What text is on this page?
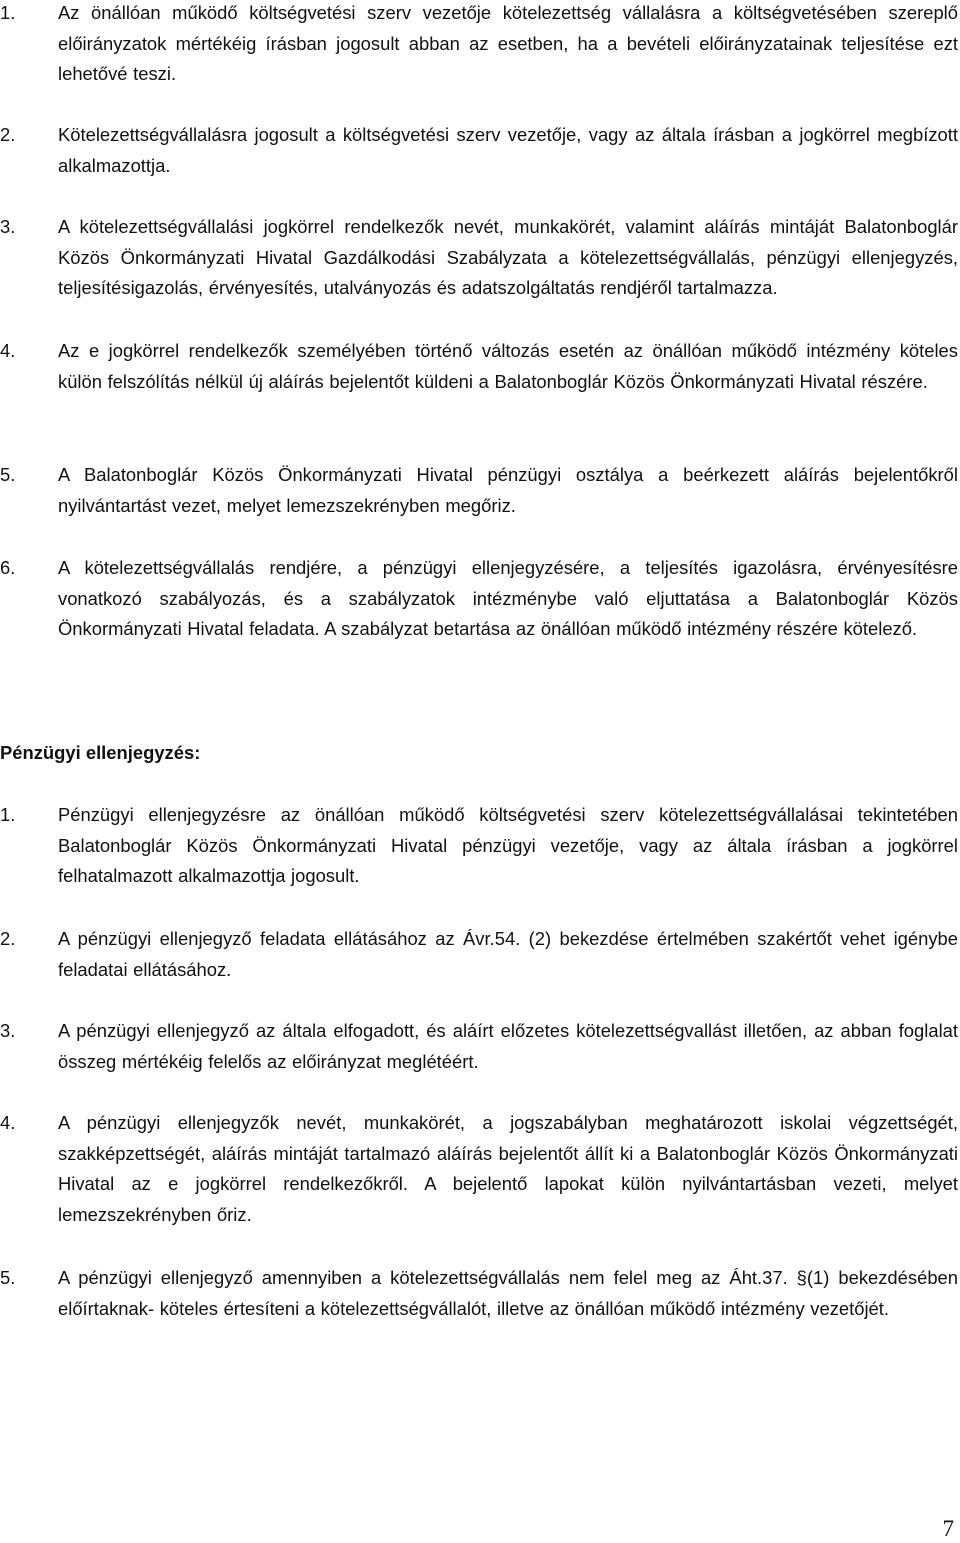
1. Az önállóan működő költségvetési szerv vezetője kötelezettség vállalásra a költségvetésében szereplő előirányzatok mértékéig írásban jogosult abban az esetben, ha a bevételi előirányzatainak teljesítése ezt lehetővé teszi.
2. Kötelezettségvállalásra jogosult a költségvetési szerv vezetője, vagy az általa írásban a jogkörrel megbízott alkalmazottja.
3. A kötelezettségvállalási jogkörrel rendelkezők nevét, munkakörét, valamint aláírás mintáját Balatonboglár Közös Önkormányzati Hivatal Gazdálkodási Szabályzata a kötelezettségvállalás, pénzügyi ellenjegyzés, teljesítésigazolás, érvényesítés, utalványozás és adatszolgáltatás rendjéről tartalmazza.
4. Az e jogkörrel rendelkezők személyében történő változás esetén az önállóan működő intézmény köteles külön felszólítás nélkül új aláírás bejelentőt küldeni a Balatonboglár Közös Önkormányzati Hivatal részére.
5. A Balatonboglár Közös Önkormányzati Hivatal pénzügyi osztálya a beérkezett aláírás bejelentőkről nyilvántartást vezet, melyet lemezszekrényben megőriz.
6. A kötelezettségvállalás rendjére, a pénzügyi ellenjegyzésére, a teljesítés igazolásra, érvényesítésre vonatkozó szabályozás, és a szabályzatok intézménybe való eljuttatása a Balatonboglár Közös Önkormányzati Hivatal feladata. A szabályzat betartása az önállóan működő intézmény részére kötelező.
Pénzügyi ellenjegyzés:
1. Pénzügyi ellenjegyzésre az önállóan működő költségvetési szerv kötelezettségvállalásai tekintetében Balatonboglár Közös Önkormányzati Hivatal pénzügyi vezetője, vagy az általa írásban a jogkörrel felhatalmazott alkalmazottja jogosult.
2. A pénzügyi ellenjegyző feladata ellátásához az Ávr.54. (2) bekezdése értelmében szakértőt vehet igénybe feladatai ellátásához.
3. A pénzügyi ellenjegyző az általa elfogadott, és aláírt előzetes kötelezettségvallást illetően, az abban foglalat összeg mértékéig felelős az előirányzat meglétéért.
4. A pénzügyi ellenjegyzők nevét, munkakörét, a jogszabályban meghatározott iskolai végzettségét, szakképzettségét, aláírás mintáját tartalmazó aláírás bejelentőt állít ki a Balatonboglár Közös Önkormányzati Hivatal az e jogkörrel rendelkezőkről. A bejelentő lapokat külön nyilvántartásban vezeti, melyet lemezszekrényben őriz.
5. A pénzügyi ellenjegyző amennyiben a kötelezettségvállalás nem felel meg az Áht.37. §(1) bekezdésében előírtaknak- köteles értesíteni a kötelezettségvállalót, illetve az önállóan működő intézmény vezetőjét.
7
